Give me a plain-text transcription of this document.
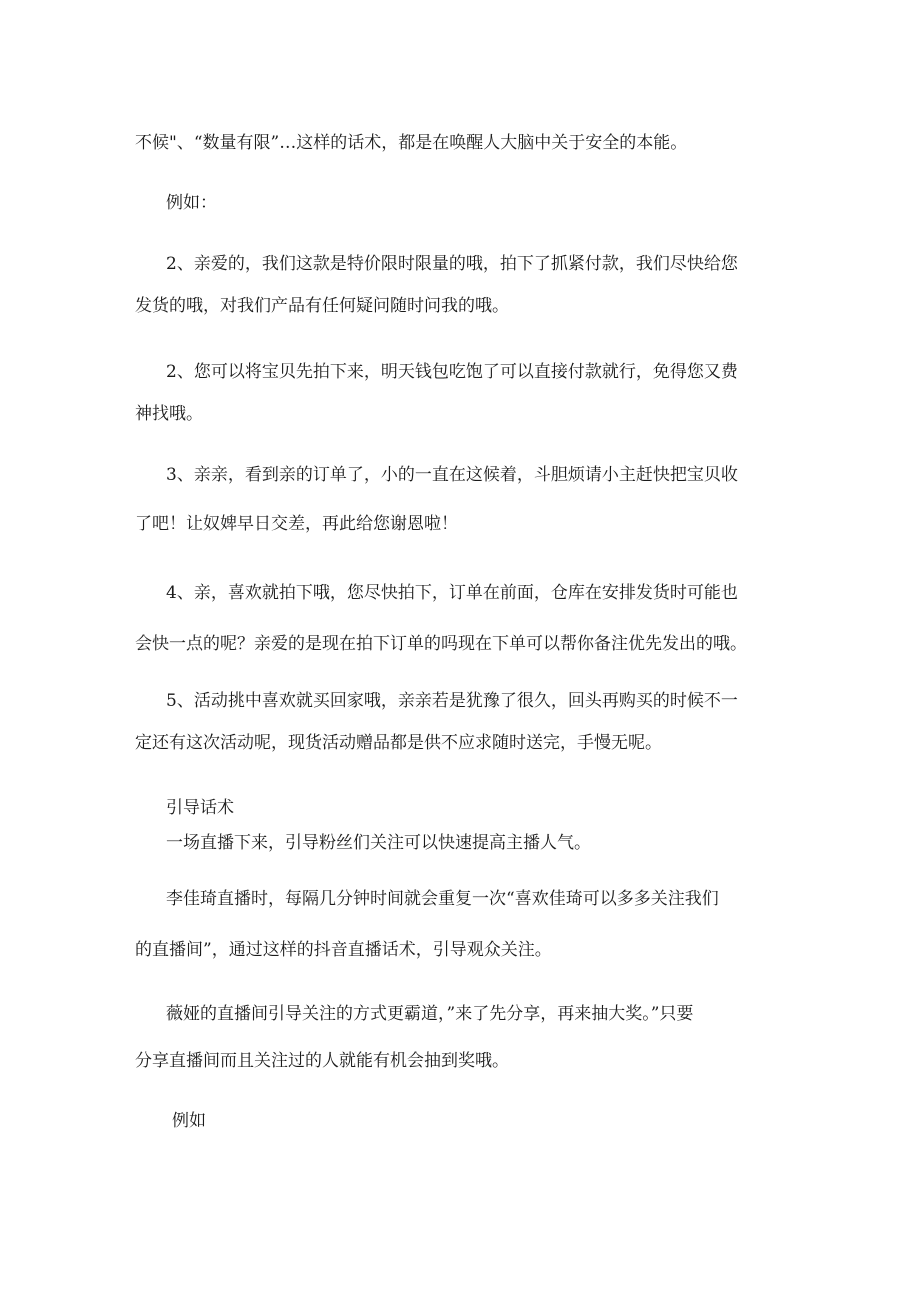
不候"、“数量有限”…这样的话术，都是在唤醒人大脑中关于安全的本能。

例如：

2、亲爱的，我们这款是特价限时限量的哦，拍下了抓紧付款，我们尽快给您

发货的哦，对我们产品有任何疑问随时问我的哦。

2、您可以将宝贝先拍下来，明天钱包吃饱了可以直接付款就行，免得您又费

神找哦。

3、亲亲，看到亲的订单了，小的一直在这候着，斗胆烦请小主赶快把宝贝收

了吧！让奴婢早日交差，再此给您谢恩啦！

4、亲，喜欢就拍下哦，您尽快拍下，订单在前面，仓库在安排发货时可能也

会快一点的呢？亲爱的是现在拍下订单的吗现在下单可以帮你备注优先发出的哦。

5、活动挑中喜欢就买回家哦，亲亲若是犹豫了很久，回头再购买的时候不一

定还有这次活动呢，现货活动赠品都是供不应求随时送完，手慢无呢。

引导话术

一场直播下来，引导粉丝们关注可以快速提高主播人气。

李佳琦直播时，每隔几分钟时间就会重复一次“喜欢佳琦可以多多关注我们

的直播间”，通过这样的抖音直播话术，引导观众关注。

薇娅的直播间引导关注的方式更霸道，”来了先分享，再来抽大奖。”只要

分享直播间而且关注过的人就能有机会抽到奖哦。

例如
